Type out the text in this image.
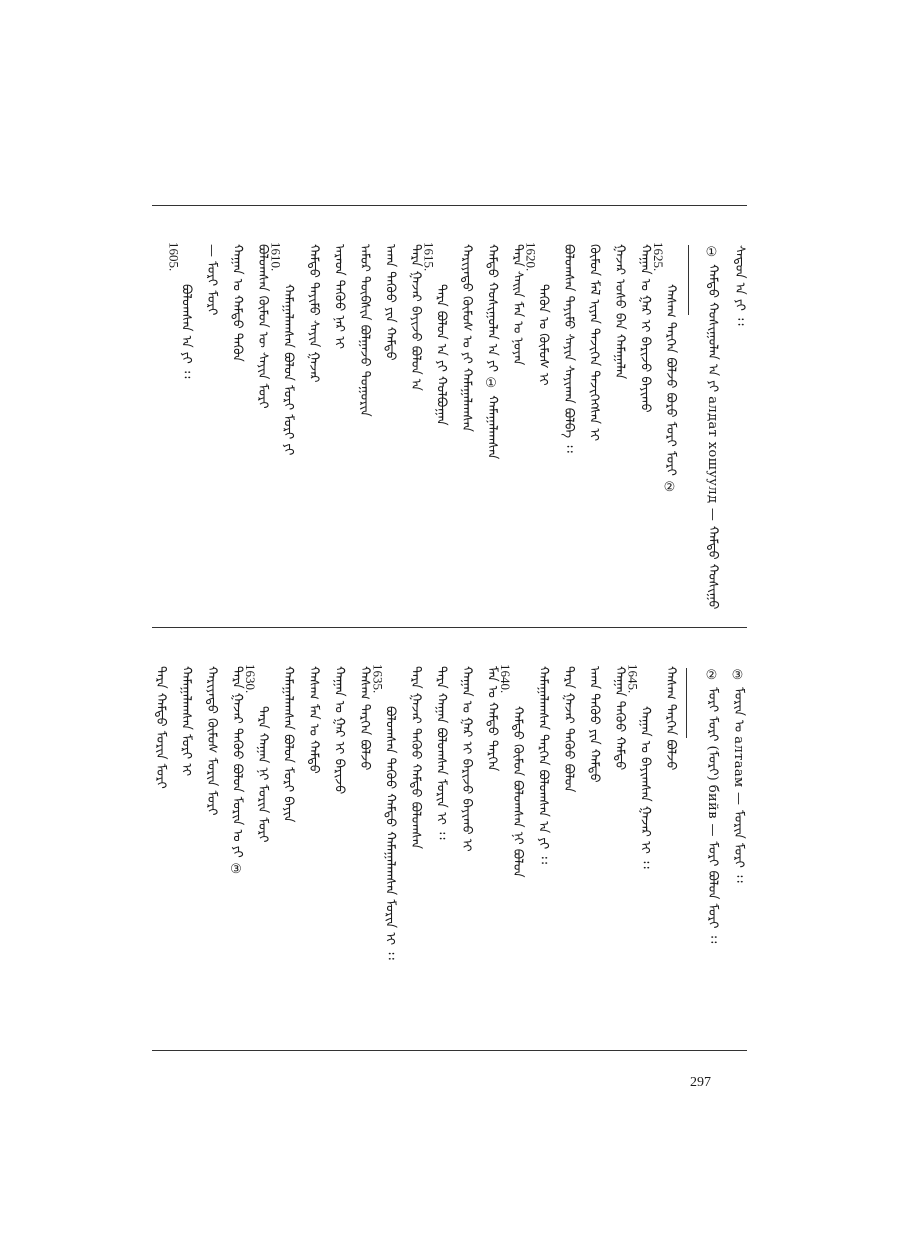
ᠰᠠᠳᠤᠨ ᠠ ᠶᠢ ᠄᠄
① ᠬᠠᠮᠲᠤ ᠬᠣᠰᠢᠭᠤᠯᠠᠨ ᠠ ᠶᠢ алдат хошуулд — ᠬᠠᠮᠲᠤ ᠬᠣᠰᠢᠭᠤ
1625.
ᠬᠠᠰᠠᠭ ᠲᠡᠷᠭᠡᠨ ᠪᠣᠯᠵᠤ ᠪᠣᠷᠤ ᠮᠣᠷᠢ ᠮᠣᠷᠢ ②
ᠬᠠᠭᠠᠨ ᠤ ᠭᠠᠷ ᠢ ᠪᠠᠷᠢᠵᠤ ᠪᠠᠶᠢᠬᠤ
ᠭᠠᠵᠠᠷ ᠤᠰᠤ ᠪᠠᠨ ᠬᠠᠮᠠᠭᠠᠯᠠᠨ
ᠬᠦᠮᠦᠨ ᠮᠠᠯ ᠢᠶᠠᠨ ᠲᠡᠵᠢᠭᠡᠨ ᠲᠡᠵᠢᠭᠡᠭᠰᠡᠨ ᠢ
ᠪᠣᠯᠤᠭᠰᠠᠨ ᠲᠡᠶᠢᠮᠦ ᠰᠠᠶᠢᠨ ᠰᠠᠶᠢᠬᠠᠨ ᠪᠣᠯᠪᠠ ᠄᠄
1620.
ᠲᠡᠭᠦᠨ ᠤ ᠬᠦᠮᠦᠰ ᠢ
ᠲᠡᠷᠡ ᠰᠠᠢᠨ ᠮᠠᠨ ᠤ ᠨᠣᠶᠠᠨ
ᠬᠠᠮᠲᠤ ᠬᠣᠰᠢᠭᠤᠯᠠᠨ ᠠ ᠶᠢ ① ᠬᠠᠮᠠᠭᠠᠯᠠᠭᠰᠠᠨ
ᠬᠠᠷᠢᠶᠠᠲᠤ ᠬᠦᠮᠦᠰ ᠤ ᠶᠢ ᠬᠠᠮᠠᠭᠠᠯᠠᠭᠰᠠᠨ
1615.
ᠲᠡᠷᠡ ᠪᠣᠯᠤᠨ ᠠ ᠶᠢ ᠬᠣᠯᠪᠣᠭᠠᠨ
ᠲᠡᠷᠡ ᠭᠠᠵᠠᠷ ᠪᠠᠶᠢᠵᠤ ᠪᠣᠯᠤᠨ ᠠ
ᠠᠬᠠ ᠳᠡᠭᠦᠦ ᠶᠢᠨ ᠬᠠᠮᠲᠤ
ᠠᠮᠤᠷ ᠲᠦᠪᠰᠢᠨ ᠪᠣᠯᠭᠠᠵᠤ ᠲᠣᠭᠣᠷᠢᠨ
ᠠᠷᠠᠳ ᠳᠡᠭᠦᠦ ᠨᠠᠷ ᠢ
ᠬᠠᠮᠲᠤ ᠲᠡᠶᠢᠮᠦ ᠰᠠᠶᠢᠨ ᠭᠠᠵᠠᠷ
1610.
ᠬᠠᠮᠠᠭᠠᠯᠠᠭᠰᠠᠨ ᠪᠣᠯᠤᠨ ᠮᠣᠷᠢ ᠮᠣᠷᠢ ᠶᠢ
ᠪᠣᠯᠤᠭᠰᠠᠨ ᠬᠦᠮᠦᠨ ᠦ ᠰᠠᠶᠢᠨ ᠮᠣᠷᠢ
ᠬᠠᠭᠠᠨ ᠤ ᠬᠠᠮᠲᠤ ᠲᠡᠭᠦᠨ
— ᠮᠣᠷᠢ ᠮᠣᠷᠢ
1605.
ᠪᠣᠯᠤᠭᠰᠠᠨ ᠠ ᠶᠢ ᠄᠄
③ ᠮᠣᠷᠢᠨ ᠤ алтаам — ᠮᠣᠷᠢᠨ ᠮᠣᠷᠢ ᠄᠄
② ᠮᠣᠷᠢ ᠮᠣᠷᠢ (ᠮᠣᠷᠢ) бийв — ᠮᠣᠷᠢ ᠪᠣᠯᠤᠨ ᠮᠣᠷᠢ ᠄᠄
ᠬᠠᠰᠠᠭ ᠲᠡᠷᠭᠡᠨ ᠪᠣᠯᠵᠤ
1645.
ᠬᠠᠭᠠᠨ ᠤ ᠪᠠᠶᠢᠭᠰᠠᠨ ᠭᠠᠵᠠᠷ ᠢ ᠄᠄
ᠬᠠᠭᠠᠨ ᠳᠡᠭᠦᠦ ᠬᠠᠮᠲᠤ
ᠠᠬᠠ ᠳᠡᠭᠦᠦ ᠶᠢᠨ ᠬᠠᠮᠲᠤ
ᠲᠡᠷᠡ ᠭᠠᠵᠠᠷ ᠳᠡᠭᠦᠦ ᠪᠣᠯᠤᠨ
ᠬᠠᠮᠠᠭᠠᠯᠠᠭᠰᠠᠨ ᠲᠡᠷᠭᠡᠨ ᠪᠣᠯᠤᠭᠰᠠᠨ ᠠ ᠶᠢ ᠄᠄
1640.
ᠬᠠᠮᠲᠤ ᠬᠦᠮᠦᠨ ᠪᠣᠯᠤᠭᠰᠠᠨ ᠨᠢ ᠪᠣᠯᠤᠨ
ᠮᠠᠨ ᠤ ᠬᠠᠮᠲᠤ ᠲᠡᠷᠭᠡᠨ
ᠬᠠᠭᠠᠨ ᠤ ᠭᠠᠷ ᠢ ᠪᠠᠷᠢᠵᠤ ᠪᠠᠶᠢᠬᠤ ᠢ
ᠲᠡᠷᠡ ᠬᠠᠭᠠᠨ ᠪᠣᠯᠤᠭᠰᠠᠨ ᠮᠣᠷᠢᠨ ᠢ ᠄᠄
ᠲᠡᠷᠡ ᠭᠠᠵᠠᠷ ᠳᠡᠭᠦᠦ ᠬᠠᠮᠲᠤ ᠪᠣᠯᠤᠭᠰᠠᠨ
1635.
ᠪᠣᠯᠤᠭᠰᠠᠨ ᠳᠡᠭᠦᠦ ᠬᠠᠮᠲᠤ ᠬᠠᠮᠠᠭᠠᠯᠠᠭᠰᠠᠨ ᠮᠣᠷᠢᠨ ᠢ ᠄᠄
ᠬᠠᠰᠠᠭ ᠲᠡᠷᠭᠡᠨ ᠪᠣᠯᠵᠤ
ᠬᠠᠭᠠᠨ ᠤ ᠭᠠᠷ ᠢ ᠪᠠᠷᠢᠵᠤ
ᠬᠠᠰᠠᠭ ᠮᠠᠨ ᠤ ᠬᠠᠮᠲᠤ
ᠬᠠᠮᠠᠭᠠᠯᠠᠭᠰᠠᠨ ᠪᠣᠯᠤᠨ ᠮᠣᠷᠢ ᠪᠠᠶᠢᠨ
1630.
ᠲᠡᠷᠡ ᠬᠠᠭᠠᠨ ᠨᠢ ᠮᠣᠷᠢᠨ ᠮᠣᠷᠢ
ᠲᠡᠷᠡ ᠭᠠᠵᠠᠷ ᠳᠡᠭᠦᠦ ᠪᠣᠯᠤᠨ ᠮᠣᠷᠢᠨ ᠤ ᠶᠢ ③
ᠬᠠᠷᠢᠶᠠᠲᠤ ᠬᠦᠮᠦᠰ ᠮᠣᠷᠢᠨ ᠮᠣᠷᠢ
ᠬᠠᠮᠠᠭᠠᠯᠠᠭᠰᠠᠨ ᠮᠣᠷᠢ ᠢ
ᠲᠡᠷᠡ ᠬᠠᠮᠲᠤ ᠮᠣᠷᠢᠨ ᠮᠣᠷᠢ
297
